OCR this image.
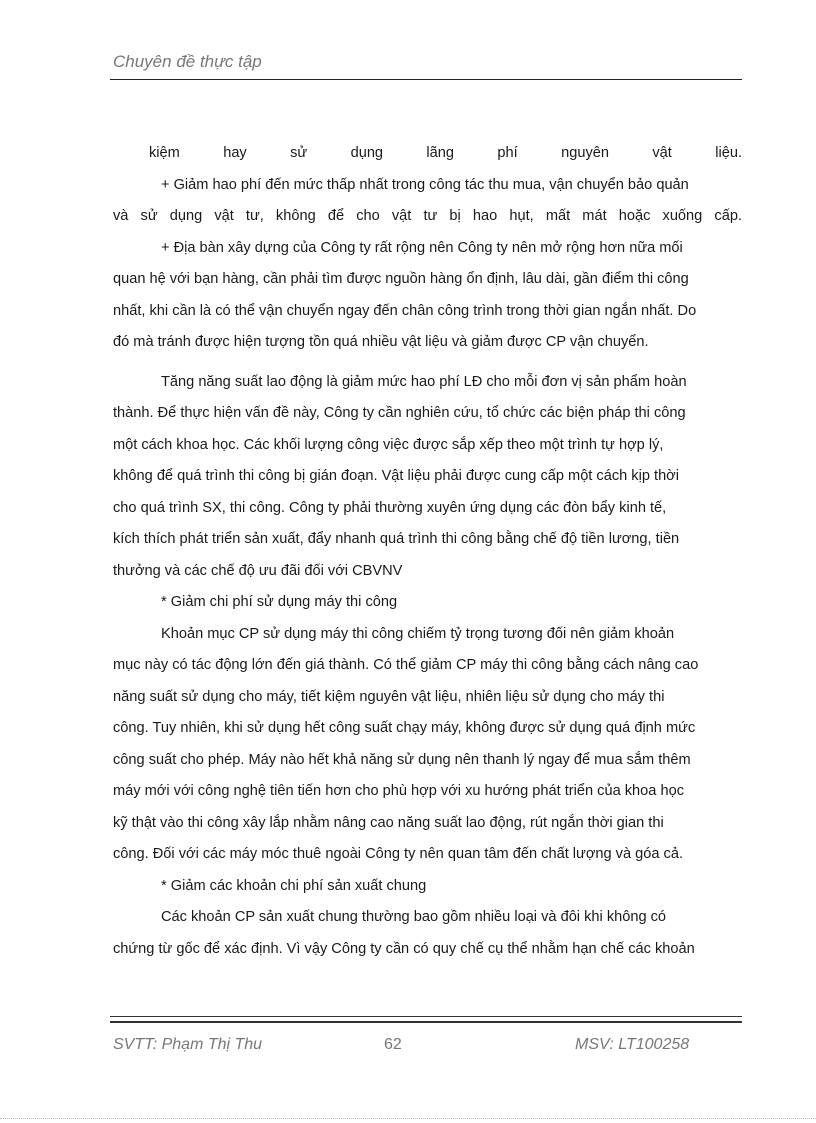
Chuyên đề thực tập
kiệm hay sử dụng lãng phí nguyên vật liệu.
+ Giảm hao phí đến mức thấp nhất trong công tác thu mua, vận chuyển bảo quản
và sử dụng vật tư, không để cho vật tư bị hao hụt, mất mát hoặc xuống cấp.
+ Địa bàn xây dựng của Công ty rất rộng nên Công ty nên mở rộng hơn nữa mối
quan hệ với bạn hàng, cần phải tìm được nguồn hàng ổn định, lâu dài, gần điểm thi công
nhất, khi cần là có thể vận chuyển ngay đến chân công trình trong thời gian ngắn nhất. Do
đó mà tránh được hiện tượng tồn quá nhiều vật liệu và giảm được CP vận chuyển.
Tăng năng suất lao động là giảm mức hao phí LĐ cho mỗi đơn vị sản phẩm hoàn
thành. Để thực hiện vấn đề này, Công ty cần nghiên cứu, tổ chức các biện pháp thi công
một cách khoa học. Các khối lượng công việc được sắp xếp theo một trình tự hợp lý,
không để quá trình thi công bị gián đoạn. Vật liệu phải được cung cấp một cách kịp thời
cho quá trình SX, thi công. Công ty phải thường xuyên ứng dụng các đòn bẩy kinh tế,
kích thích phát triển sản xuất, đẩy nhanh quá trình thi công bằng chế độ tiền lương, tiền
thưởng và các chế độ ưu đãi đối với CBVNV
* Giảm chi phí sử dụng máy thi công
Khoản mục CP sử dụng máy thi công chiếm tỷ trọng tương đối nên giảm khoản
mục này có tác động lớn đến giá thành. Có thể giảm CP máy thi công bằng cách nâng cao
năng suất sử dụng cho máy, tiết kiệm nguyên vật liệu, nhiên liệu sử dụng cho máy thi
công. Tuy nhiên, khi sử dụng hết công suất chạy máy, không được sử dụng quá định mức
công suất cho phép. Máy nào hết khả năng sử dụng nên thanh lý ngay để mua sắm thêm
máy mới với công nghệ tiên tiến hơn cho phù hợp với xu hướng phát triển của khoa học
kỹ thật vào thi công xây lắp nhằm nâng cao năng suất lao động, rút ngắn thời gian thi
công. Đối với các máy móc thuê ngoài Công ty nên quan tâm đến chất lượng và góa cả.
* Giảm các khoản chi phí sản xuất chung
Các khoản CP sản xuất chung thường bao gồm nhiều loại và đôi khi không có
chứng từ gốc để xác định. Vì vậy Công ty cần có quy chế cụ thể nhằm hạn chế các khoản
SVTT: Phạm Thị Thu	62	MSV: LT100258
